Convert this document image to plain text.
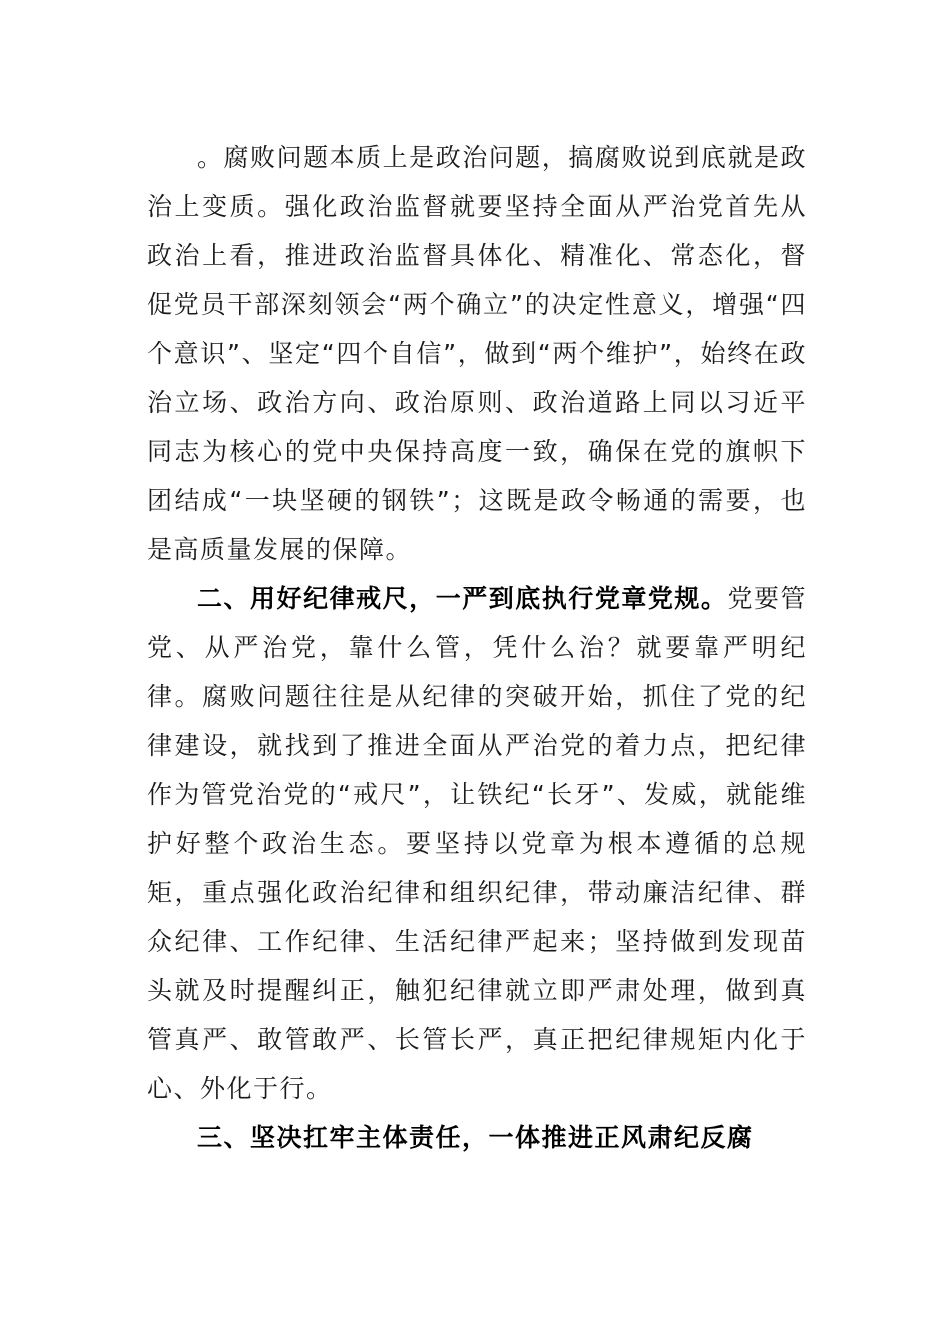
。腐败问题本质上是政治问题，搞腐败说到底就是政治上变质。强化政治监督就要坚持全面从严治党首先从政治上看，推进政治监督具体化、精准化、常态化，督促党员干部深刻领会“两个确立”的决定性意义，增强“四个意识”、坚定“四个自信”，做到“两个维护”，始终在政治立场、政治方向、政治原则、政治道路上同以习近平同志为核心的党中央保持高度一致，确保在党的旗帜下团结成“一块坚硬的钢铁”；这既是政令畅通的需要，也是高质量发展的保障。

二、用好纪律戒尺，一严到底执行党章党规。党要管党、从严治党，靠什么管，凭什么治？就要靠严明纪律。腐败问题往往是从纪律的突破开始，抓住了党的纪律建设，就找到了推进全面从严治党的着力点，把纪律作为管党治党的“戒尺”，让铁纪“长牙”、发威，就能维护好整个政治生态。要坚持以党章为根本遵循的总规矩，重点强化政治纪律和组织纪律，带动廉洁纪律、群众纪律、工作纪律、生活纪律严起来；坚持做到发现苗头就及时提醒纠正，触犯纪律就立即严肃处理，做到真管真严、敢管敢严、长管长严，真正把纪律规矩内化于心、外化于行。

三、坚决扛牢主体责任，一体推进正风肃纪反腐
